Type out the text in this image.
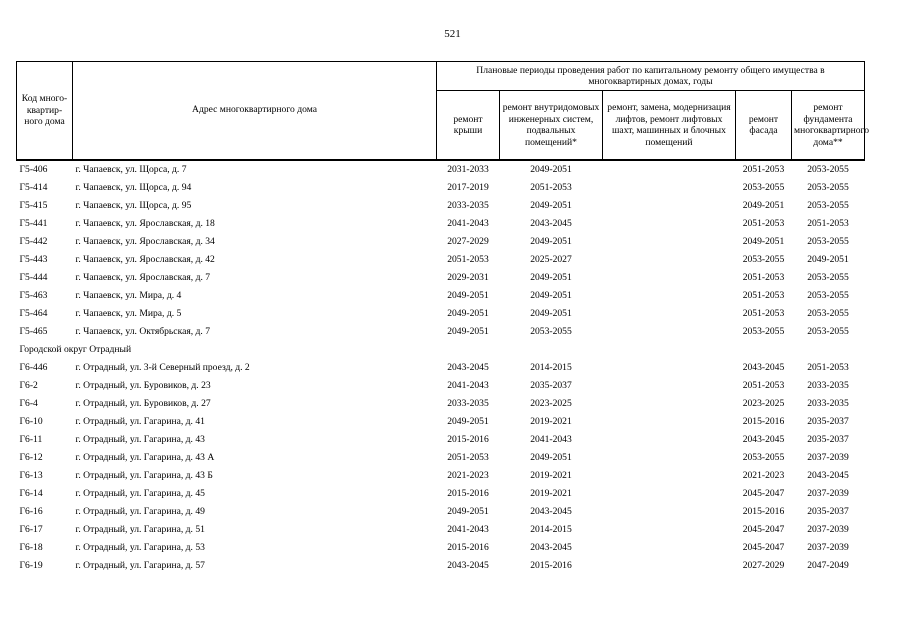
521
Код много-квартир-ного дома	Адрес многоквартирного дома	Плановые периоды проведения работ по капитальному ремонту общего имущества в многоквартирных домах, годы				
		ремонт крыши	ремонт внутридомовых инженерных систем, подвальных помещений*	ремонт, замена, модернизация лифтов, ремонт лифтовых шахт, машинных и блочных помещений	ремонт фасада	ремонт фундамента многоквартирного дома**
Г5-406	г. Чапаевск, ул. Щорса, д. 7	2031-2033	2049-2051		2051-2053	2053-2055
Г5-414	г. Чапаевск, ул. Щорса, д. 94	2017-2019	2051-2053		2053-2055	2053-2055
Г5-415	г. Чапаевск, ул. Щорса, д. 95	2033-2035	2049-2051		2049-2051	2053-2055
Г5-441	г. Чапаевск, ул. Ярославская, д. 18	2041-2043	2043-2045		2051-2053	2051-2053
Г5-442	г. Чапаевск, ул. Ярославская, д. 34	2027-2029	2049-2051		2049-2051	2053-2055
Г5-443	г. Чапаевск, ул. Ярославская, д. 42	2051-2053	2025-2027		2053-2055	2049-2051
Г5-444	г. Чапаевск, ул. Ярославская, д. 7	2029-2031	2049-2051		2051-2053	2053-2055
Г5-463	г. Чапаевск, ул. Мира, д. 4	2049-2051	2049-2051		2051-2053	2053-2055
Г5-464	г. Чапаевск, ул. Мира, д. 5	2049-2051	2049-2051		2051-2053	2053-2055
Г5-465	г. Чапаевск, ул. Октябрьская, д. 7	2049-2051	2053-2055		2053-2055	2053-2055
Городской округ Отрадный						
Г6-446	г. Отрадный, ул. 3-й Северный проезд, д. 2	2043-2045	2014-2015		2043-2045	2051-2053
Г6-2	г. Отрадный, ул. Буровиков, д. 23	2041-2043	2035-2037		2051-2053	2033-2035
Г6-4	г. Отрадный, ул. Буровиков, д. 27	2033-2035	2023-2025		2023-2025	2033-2035
Г6-10	г. Отрадный, ул. Гагарина, д. 41	2049-2051	2019-2021		2015-2016	2035-2037
Г6-11	г. Отрадный, ул. Гагарина, д. 43	2015-2016	2041-2043		2043-2045	2035-2037
Г6-12	г. Отрадный, ул. Гагарина, д. 43 А	2051-2053	2049-2051		2053-2055	2037-2039
Г6-13	г. Отрадный, ул. Гагарина, д. 43 Б	2021-2023	2019-2021		2021-2023	2043-2045
Г6-14	г. Отрадный, ул. Гагарина, д. 45	2015-2016	2019-2021		2045-2047	2037-2039
Г6-16	г. Отрадный, ул. Гагарина, д. 49	2049-2051	2043-2045		2015-2016	2035-2037
Г6-17	г. Отрадный, ул. Гагарина, д. 51	2041-2043	2014-2015		2045-2047	2037-2039
Г6-18	г. Отрадный, ул. Гагарина, д. 53	2015-2016	2043-2045		2045-2047	2037-2039
Г6-19	г. Отрадный, ул. Гагарина, д. 57	2043-2045	2015-2016		2027-2029	2047-2049
